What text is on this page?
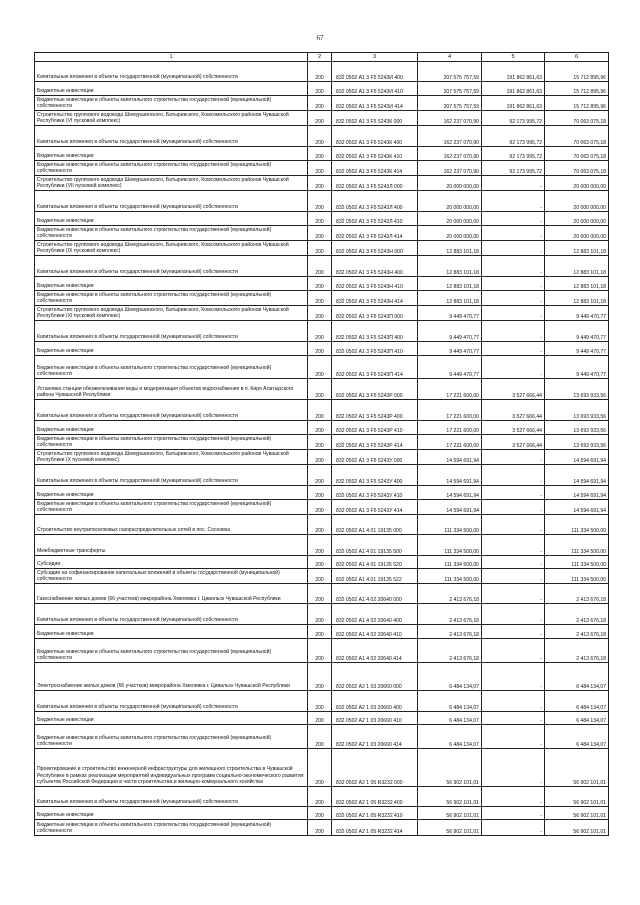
67
1	2	3	4	5	6
Капитальные вложения в объекты государственной (муниципальной) собственности	200	832 0502 А1 3 F5 5243И 400	207 575 757,59	191 862 861,63	15 712 895,96
Бюджетные инвестиции	200	832 0502 А1 3 F5 5243И 410	207 575 757,59	191 862 861,63	15 712 895,96
Бюджетные инвестиции в объекты капитального строительства государственной (муниципальной) собственности	200	832 0502 А1 3 F5 5243И 414	207 575 757,59	191 862 861,63	15 712 895,96
Строительство группового водовода Шемуршинского, Батыревского, Комсомольского районов Чувашской Республики (VI пусковой комплекс)	200	832 0502 А1 3 F5 5243К 000	162 237 070,90	92 173 995,72	70 063 075,18
Капитальные вложения в объекты государственной (муниципальной) собственности	200	832 0502 А1 3 F5 5243К 400	162 237 070,90	92 173 995,72	70 063 075,18
Бюджетные инвестиции	200	832 0502 А1 3 F5 5243К 410	162 237 070,90	92 173 995,72	70 063 075,18
Бюджетные инвестиции в объекты капитального строительства государственной (муниципальной) собственности	200	832 0502 А1 3 F5 5243К 414	162 237 070,90	92 173 995,72	70 063 075,18
Строительство группового водовода Шемуршинского, Батыревского, Комсомольского районов Чувашской Республики (VII пусковой комплекс)	200	832 0502 А1 3 F5 5243Л 000	20 000 000,00	-	20 000 000,00
Капитальные вложения в объекты государственной (муниципальной) собственности	200	832 0502 А1 3 F5 5243Л 400	20 000 000,00	-	20 000 000,00
Бюджетные инвестиции	200	832 0502 А1 3 F5 5243Л 410	20 000 000,00	-	20 000 000,00
Бюджетные инвестиции в объекты капитального строительства государственной (муниципальной) собственности	200	832 0502 А1 3 F5 5243Л 414	20 000 000,00	-	20 000 000,00
Строительство группового водовода Шемуршинского, Батыревского, Комсомольского районов Чувашской Республики (IX пусковой комплекс)	200	832 0502 А1 3 F5 5243Н 000	12 883 101,18	-	12 883 101,18
Капитальные вложения в объекты государственной (муниципальной) собственности	200	832 0502 А1 3 F5 5243Н 400	12 883 101,18	-	12 883 101,18
Бюджетные инвестиции	200	832 0502 А1 3 F5 5243Н 410	12 883 101,18	-	12 883 101,18
Бюджетные инвестиции в объекты капитального строительства государственной (муниципальной) собственности	200	832 0502 А1 3 F5 5243Н 414	12 883 101,18	-	12 883 101,18
Строительство группового водовода Шемуршинского, Батыревского, Комсомольского районов Чувашской Республики (XI пусковой комплекс)	200	832 0502 А1 3 F5 5243П 000	9 449 470,77	-	9 449 470,77
Капитальные вложения в объекты государственной (муниципальной) собственности	200	832 0502 А1 3 F5 5243П 400	9 449 470,77	-	9 449 470,77
Бюджетные инвестиции	200	832 0502 А1 3 F5 5243П 410	9 449 470,77	-	9 449 470,77
Бюджетные инвестиции в объекты капитального строительства государственной (муниципальной) собственности	200	832 0502 А1 3 F5 5243П 414	9 449 470,77	-	9 449 470,77
Установка станции обезжелезивания воды и модернизация объектов водоснабжения в п. Киря Алатырского района Чувашской Республики	200	832 0502 А1 3 F5 5243Р 000	17 221 600,00	3 527 666,44	13 693 933,56
Капитальные вложения в объекты государственной (муниципальной) собственности	200	832 0502 А1 3 F5 5243Р 400	17 221 600,00	3 527 666,44	13 693 933,56
Бюджетные инвестиции	200	832 0502 А1 3 F5 5243Р 410	17 221 600,00	3 527 666,44	13 693 933,56
Бюджетные инвестиции в объекты капитального строительства государственной (муниципальной) собственности	200	832 0502 А1 3 F5 5243Р 414	17 221 600,00	3 527 666,44	13 693 933,56
Строительство группового водовода Шемуршинского, Батыревского, Комсомольского районов Чувашской Республики (X пусковой комплекс)	200	832 0502 А1 3 F5 5243У 000	14 594 691,94	-	14 594 691,94
Капитальные вложения в объекты государственной (муниципальной) собственности	200	832 0502 А1 3 F5 5243У 400	14 594 691,94	-	14 594 691,94
Бюджетные инвестиции	200	832 0502 А1 3 F5 5243У 410	14 594 691,94	-	14 594 691,94
Бюджетные инвестиции в объекты капитального строительства государственной (муниципальной) собственности	200	832 0502 А1 3 F5 5243У 414	14 594 691,94	-	14 594 691,94
Строительство внутрипоселковых газораспределительных сетей в пос. Сосновка	200	832 0502 А1 4 01 19135 000	111 334 500,00	-	111 334 500,00
Межбюджетные трансферты	200	832 0502 А1 4 01 19135 500	111 334 500,00	-	111 334 500,00
Субсидии	200	832 0502 А1 4 01 19135 520	111 334 500,00	-	111 334 500,00
Субсидии на софинансирование капитальных вложений в объекты государственной (муниципальной) собственности	200	832 0502 А1 4 01 19135 522	111 334 500,00	-	111 334 500,00
Газоснабжение жилых домов (66 участков) микрорайона Хмелевка г. Цивильск Чувашской Республики	200	832 0502 А1 4 02 20640 000	2 413 676,18	-	2 413 676,18
Капитальные вложения в объекты государственной (муниципальной) собственности	200	832 0502 А1 4 02 20640 400	2 413 676,18	-	2 413 676,18
Бюджетные инвестиции	200	832 0502 А1 4 02 20640 410	2 413 676,18	-	2 413 676,18
Бюджетные инвестиции в объекты капитального строительства государственной (муниципальной) собственности	200	832 0502 А1 4 02 20640 414	2 413 676,18	-	2 413 676,18
Электроснабжение жилых домов (66 участков) микрорайона Хмелевка г. Цивильск Чувашской Республики	200	832 0502 А2 1 03 20660 000	6 484 134,07	-	6 484 134,07
Капитальные вложения в объекты государственной (муниципальной) собственности	200	832 0502 А2 1 03 20660 400	6 484 134,07	-	6 484 134,07
Бюджетные инвестиции	200	832 0502 А2 1 03 20660 410	6 484 134,07	-	6 484 134,07
Бюджетные инвестиции в объекты капитального строительства государственной (муниципальной) собственности	200	832 0502 А2 1 03 20660 414	6 484 134,07	-	6 484 134,07
Проектирование и строительство инженерной инфраструктуры для жилищного строительства в Чувашской Республике в рамках реализации мероприятий индивидуальных программ социально-экономического развития субъектов Российской Федерации в части строительства и жилищно-коммунального хозяйства	200	832 0502 А2 1 05 R3232 000	56 902 101,01	-	56 902 101,01
Капитальные вложения в объекты государственной (муниципальной) собственности	200	832 0502 А2 1 05 R3232 400	56 902 101,01	-	56 902 101,01
Бюджетные инвестиции	200	832 0502 А2 1 05 R3232 410	56 902 101,01	-	56 902 101,01
Бюджетные инвестиции в объекты капитального строительства государственной (муниципальной) собственности	200	832 0502 А2 1 05 R3232 414	56 902 101,01	-	56 902 101,01
